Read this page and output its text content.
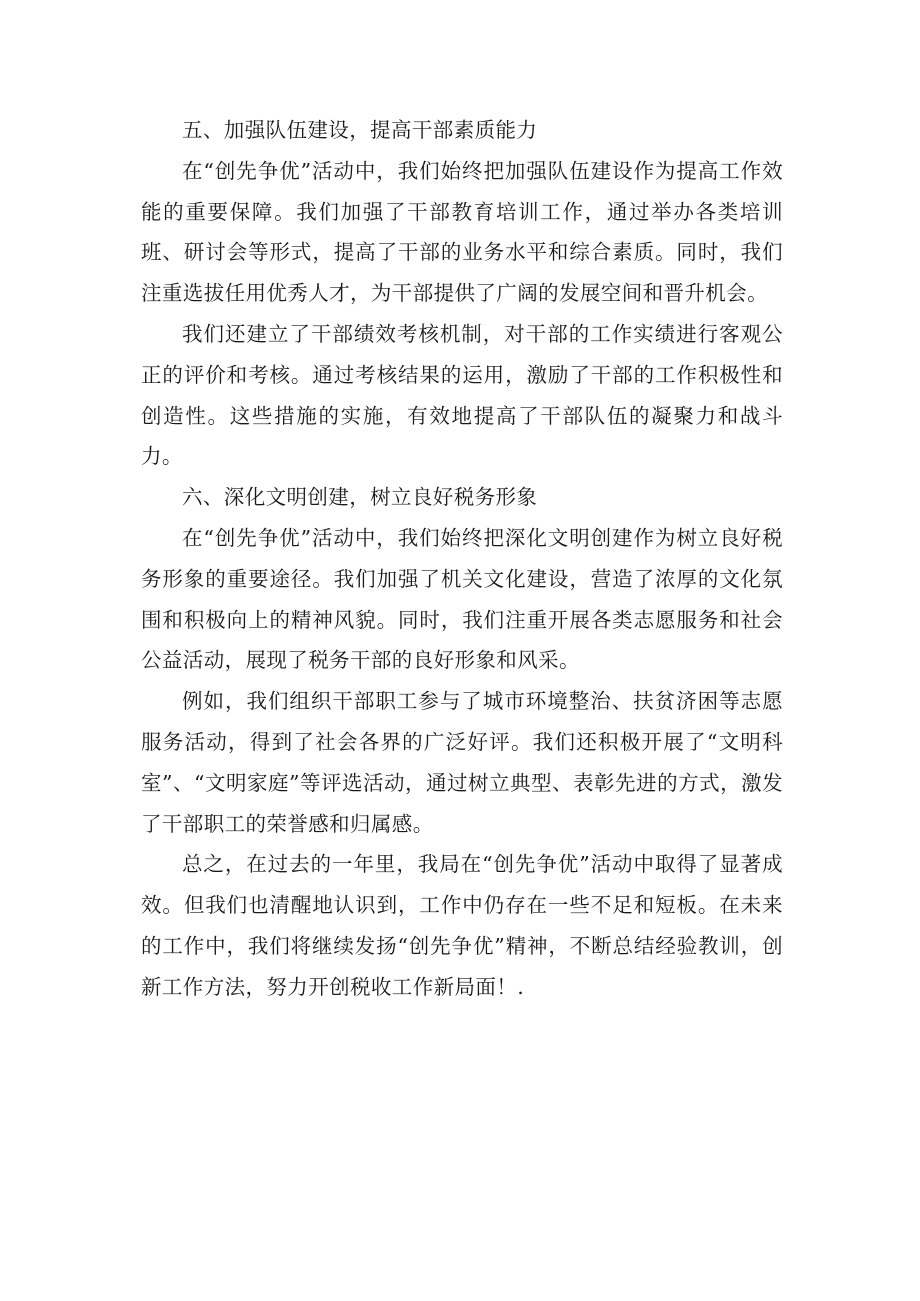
五、加强队伍建设，提高干部素质能力

在“创先争优”活动中，我们始终把加强队伍建设作为提高工作效能的重要保障。我们加强了干部教育培训工作，通过举办各类培训班、研讨会等形式，提高了干部的业务水平和综合素质。同时，我们注重选拔任用优秀人才，为干部提供了广阔的发展空间和晋升机会。

我们还建立了干部绩效考核机制，对干部的工作实绩进行客观公正的评价和考核。通过考核结果的运用，激励了干部的工作积极性和创造性。这些措施的实施，有效地提高了干部队伍的凝聚力和战斗力。

六、深化文明创建，树立良好税务形象

在“创先争优”活动中，我们始终把深化文明创建作为树立良好税务形象的重要途径。我们加强了机关文化建设，营造了浓厚的文化氛围和积极向上的精神风貌。同时，我们注重开展各类志愿服务和社会公益活动，展现了税务干部的良好形象和风采。

例如，我们组织干部职工参与了城市环境整治、扶贫济困等志愿服务活动，得到了社会各界的广泛好评。我们还积极开展了“文明科室”、“文明家庭”等评选活动，通过树立典型、表彰先进的方式，激发了干部职工的荣誉感和归属感。

总之，在过去的一年里，我局在“创先争优”活动中取得了显著成效。但我们也清醒地认识到，工作中仍存在一些不足和短板。在未来的工作中，我们将继续发扬“创先争优”精神，不断总结经验教训，创新工作方法，努力开创税收工作新局面！.
